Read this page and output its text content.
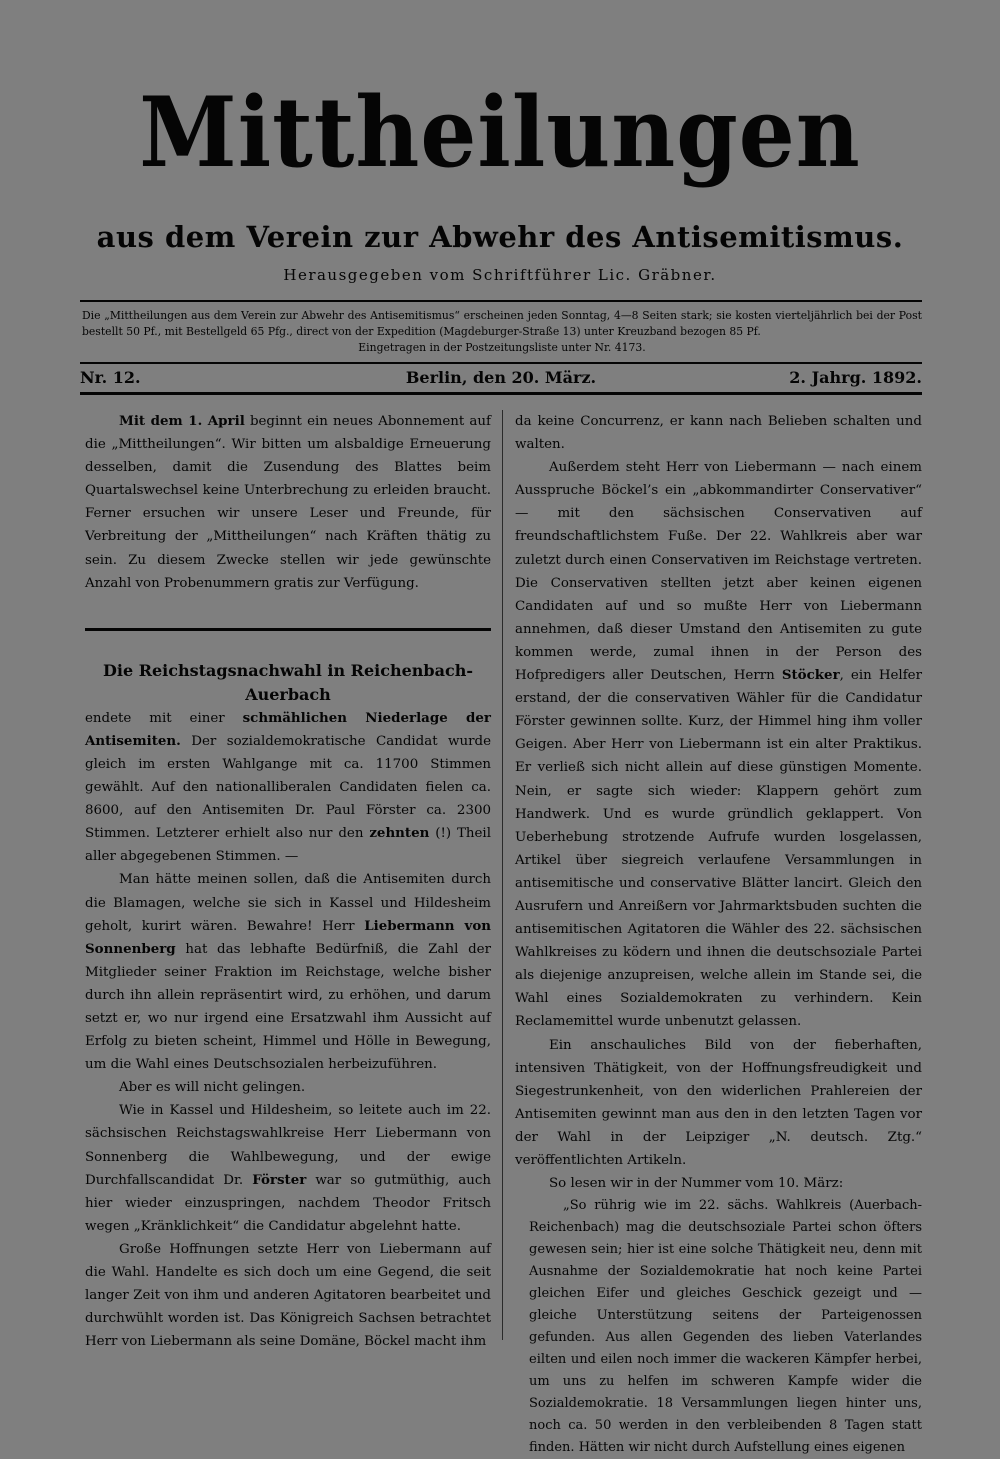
Mittheilungen
aus dem Verein zur Abwehr des Antisemitismus.
Herausgegeben vom Schriftführer Lic. Gräbner.
Die „Mittheilungen aus dem Verein zur Abwehr des Antisemitismus“ erscheinen jeden Sonntag, 4—8 Seiten stark; sie kosten vierteljährlich bei der Post bestellt 50 Pf., mit Bestellgeld 65 Pfg., direct von der Expedition (Magdeburger-Straße 13) unter Kreuzband bezogen 85 Pf.
Eingetragen in der Postzeitungsliste unter Nr. 4173.
Berlin, den 20. März.
Nr. 12.	2. Jahrg. 1892.

Mit dem 1. April beginnt ein neues Abonnement auf die „Mittheilungen“. Wir bitten um alsbaldige Erneuerung desselben, damit die Zusendung des Blattes beim Quartalswechsel keine Unterbrechung zu erleiden braucht. Ferner ersuchen wir unsere Leser und Freunde, für Verbreitung der „Mittheilungen“ nach Kräften thätig zu sein. Zu diesem Zwecke stellen wir jede gewünschte Anzahl von Probenummern gratis zur Verfügung.

Die Reichstagsnachwahl in Reichenbach-Auerbach

endete mit einer schmählichen Niederlage der Antisemiten. Der sozialdemokratische Candidat wurde gleich im ersten Wahlgange mit ca. 11700 Stimmen gewählt. Auf den nationalliberalen Candidaten fielen ca. 8600, auf den Antisemiten Dr. Paul Förster ca. 2300 Stimmen. Letzterer erhielt also nur den zehnten (!) Theil aller abgegebenen Stimmen. —

Man hätte meinen sollen, daß die Antisemiten durch die Blamagen, welche sie sich in Kassel und Hildesheim geholt, kurirt wären. Bewahre! Herr Liebermann von Sonnenberg hat das lebhafte Bedürfniß, die Zahl der Mitglieder seiner Fraktion im Reichstage, welche bisher durch ihn allein repräsentirt wird, zu erhöhen, und darum setzt er, wo nur irgend eine Ersatzwahl ihm Aussicht auf Erfolg zu bieten scheint, Himmel und Hölle in Bewegung, um die Wahl eines Deutschsozialen herbeizuführen.

Aber es will nicht gelingen.

Wie in Kassel und Hildesheim, so leitete auch im 22. sächsischen Reichstagswahlkreise Herr Liebermann von Sonnenberg die Wahlbewegung, und der ewige Durchfallscandidat Dr. Förster war so gutmüthig, auch hier wieder einzuspringen, nachdem Theodor Fritsch wegen „Kränklichkeit“ die Candidatur abgelehnt hatte.

Große Hoffnungen setzte Herr von Liebermann auf die Wahl. Handelte es sich doch um eine Gegend, die seit langer Zeit von ihm und anderen Agitatoren bearbeitet und durchwühlt worden ist. Das Königreich Sachsen betrachtet Herr von Liebermann als seine Domäne, Böckel macht ihm

da keine Concurrenz, er kann nach Belieben schalten und walten.

Außerdem steht Herr von Liebermann — nach einem Ausspruche Böckel’s ein „abkommandirter Conservativer“ — mit den sächsischen Conservativen auf freundschaftlichstem Fuße. Der 22. Wahlkreis aber war zuletzt durch einen Conservativen im Reichstage vertreten. Die Conservativen stellten jetzt aber keinen eigenen Candidaten auf und so mußte Herr von Liebermann annehmen, daß dieser Umstand den Antisemiten zu gute kommen werde, zumal ihnen in der Person des Hofpredigers aller Deutschen, Herrn Stöcker, ein Helfer erstand, der die conservativen Wähler für die Candidatur Förster gewinnen sollte. Kurz, der Himmel hing ihm voller Geigen. Aber Herr von Liebermann ist ein alter Praktikus. Er verließ sich nicht allein auf diese günstigen Momente. Nein, er sagte sich wieder: Klappern gehört zum Handwerk. Und es wurde gründlich geklappert. Von Ueberhebung strotzende Aufrufe wurden losgelassen, Artikel über siegreich verlaufene Versammlungen in antisemitische und conservative Blätter lancirt. Gleich den Ausrufern und Anreißern vor Jahrmarktsbuden suchten die antisemitischen Agitatoren die Wähler des 22. sächsischen Wahlkreises zu ködern und ihnen die deutschsoziale Partei als diejenige anzupreisen, welche allein im Stande sei, die Wahl eines Sozialdemokraten zu verhindern. Kein Reclamemittel wurde unbenutzt gelassen.

Ein anschauliches Bild von der fieberhaften, intensiven Thätigkeit, von der Hoffnungsfreudigkeit und Siegestrunkenheit, von den widerlichen Prahlereien der Antisemiten gewinnt man aus den in den letzten Tagen vor der Wahl in der Leipziger „N. deutsch. Ztg.“ veröffentlichten Artikeln.

So lesen wir in der Nummer vom 10. März:

„So rührig wie im 22. sächs. Wahlkreis (Auerbach-Reichenbach) mag die deutschsoziale Partei schon öfters gewesen sein; hier ist eine solche Thätigkeit neu, denn mit Ausnahme der Sozialdemokratie hat noch keine Partei gleichen Eifer und gleiches Geschick gezeigt und — gleiche Unterstützung seitens der Parteigenossen gefunden. Aus allen Gegenden des lieben Vaterlandes eilten und eilen noch immer die wackeren Kämpfer herbei, um uns zu helfen im schweren Kampfe wider die Sozialdemokratie. 18 Versammlungen liegen hinter uns, noch ca. 50 werden in den verbleibenden 8 Tagen statt finden. Hätten wir nicht durch Aufstellung eines eigenen
